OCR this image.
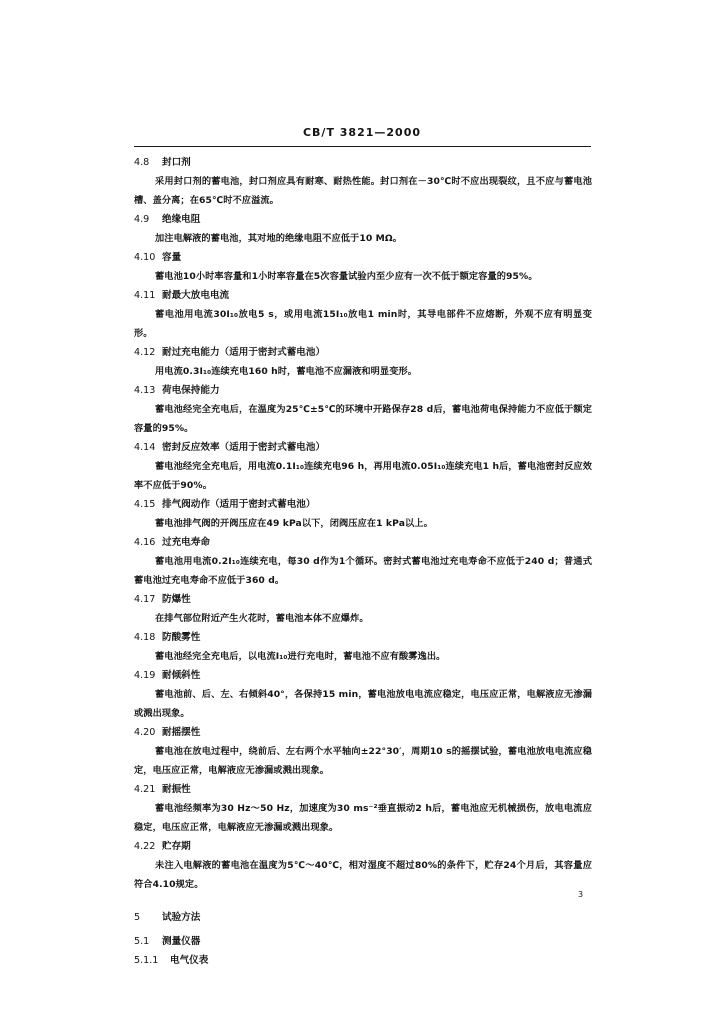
CB/T 3821—2000
4.8 封口剂
采用封口剂的蓄电池，封口剂应具有耐寒、耐热性能。封口剂在－30℃时不应出现裂纹，且不应与蓄电池槽、盖分离；在65℃时不应溢流。
4.9 绝缘电阻
加注电解液的蓄电池，其对地的绝缘电阻不应低于10 MΩ。
4.10 容量
蓄电池10小时率容量和1小时率容量在5次容量试验内至少应有一次不低于额定容量的95%。
4.11 耐最大放电电流
蓄电池用电流30I₁₀放电5 s，或用电流15I₁₀放电1 min时，其导电部件不应熔断，外观不应有明显变形。
4.12 耐过充电能力（适用于密封式蓄电池）
用电流0.3I₁₀连续充电160 h时，蓄电池不应漏液和明显变形。
4.13 荷电保持能力
蓄电池经完全充电后，在温度为25℃±5℃的环境中开路保存28 d后，蓄电池荷电保持能力不应低于额定容量的95%。
4.14 密封反应效率（适用于密封式蓄电池）
蓄电池经完全充电后，用电流0.1I₁₀连续充电96 h，再用电流0.05I₁₀连续充电1 h后，蓄电池密封反应效率不应低于90%。
4.15 排气阀动作（适用于密封式蓄电池）
蓄电池排气阀的开阀压应在49 kPa以下，闭阀压应在1 kPa以上。
4.16 过充电寿命
蓄电池用电流0.2I₁₀连续充电，每30 d作为1个循环。密封式蓄电池过充电寿命不应低于240 d；普通式蓄电池过充电寿命不应低于360 d。
4.17 防爆性
在排气部位附近产生火花时，蓄电池本体不应爆炸。
4.18 防酸雾性
蓄电池经完全充电后，以电流I₁₀进行充电时，蓄电池不应有酸雾逸出。
4.19 耐倾斜性
蓄电池前、后、左、右倾斜40°，各保持15 min，蓄电池放电电流应稳定，电压应正常，电解液应无渗漏或溅出现象。
4.20 耐摇摆性
蓄电池在放电过程中，绕前后、左右两个水平轴向±22°30′，周期10 s的摇摆试验，蓄电池放电电流应稳定，电压应正常，电解液应无渗漏或溅出现象。
4.21 耐振性
蓄电池经频率为30 Hz～50 Hz，加速度为30 ms⁻²垂直振动2 h后，蓄电池应无机械损伤，放电电流应稳定，电压应正常，电解液应无渗漏或溅出现象。
4.22 贮存期
未注入电解液的蓄电池在温度为5℃～40℃，相对湿度不超过80%的条件下，贮存24个月后，其容量应符合4.10规定。
5 试验方法
5.1 测量仪器
5.1.1 电气仪表
3
